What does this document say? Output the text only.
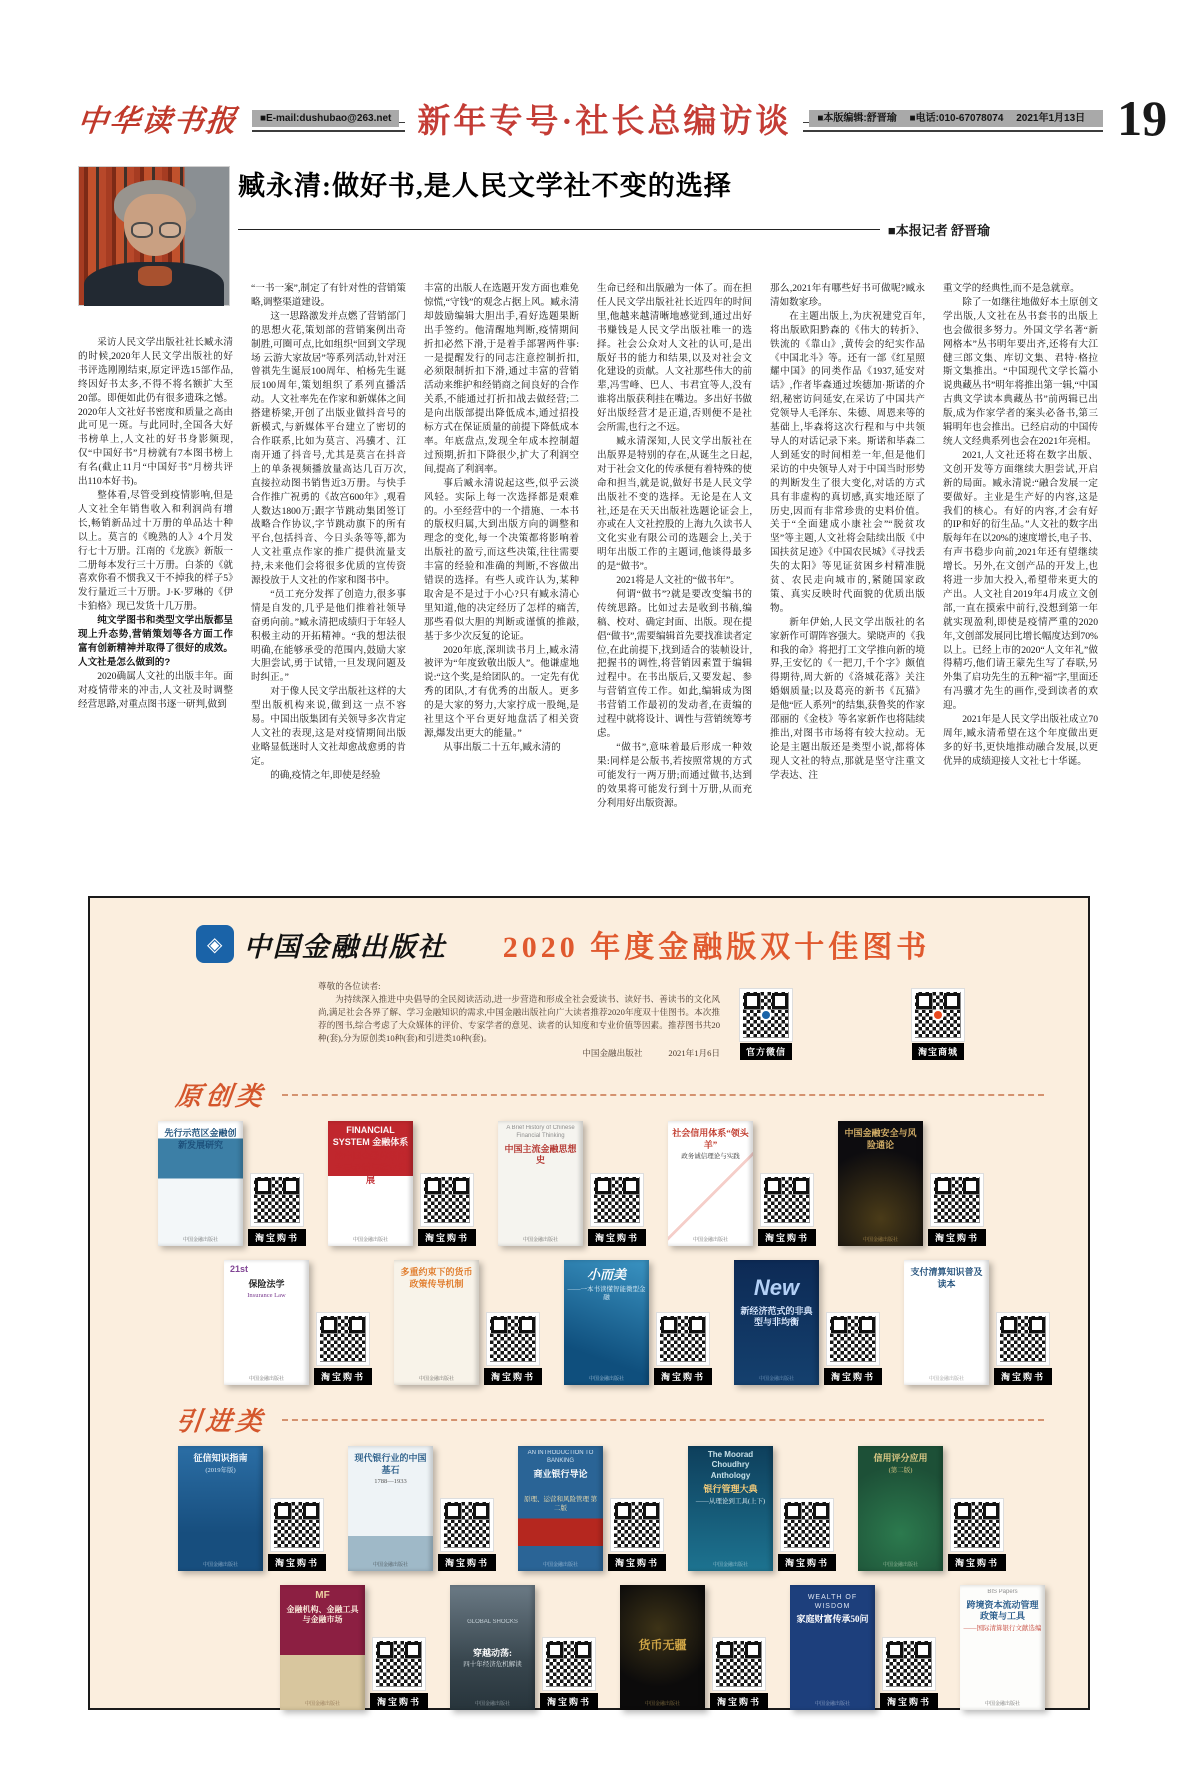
中华读书报	■E-mail:dushubao@263.net 新年专号·社长总编访谈	■本版编辑:舒晋瑜 ■电话:010-67078074 2021年1月13日 19
臧永清:做好书,是人民文学社不变的选择
■本报记者 舒晋瑜

采访人民文学出版社社长臧永清的时候,2020年人民文学出版社的好书评选刚刚结束,原定评选15部作品,终因好书太多,不得不将名额扩大至20部。即便如此仍有很多遗珠之憾。2020年人文社好书密度和质量之高由此可见一斑。与此同时,全国各大好书榜单上,人文社的好书身影频现,仅“中国好书”月榜就有7本图书榜上有名(截止11月“中国好书”月榜共评出110本好书)。

整体看,尽管受到疫情影响,但是人文社全年销售收入和利润尚有增长,畅销新品过十万册的单品达十种以上。莫言的《晚熟的人》4个月发行七十万册。江南的《龙族》新版一二册每本发行三十万册。白茶的《就喜欢你看不惯我又干不掉我的样子5》发行量近三十万册。J·K·罗琳的《伊卡狛格》现已发货十几万册。

纯文学图书和类型文学出版都呈现上升态势,营销策划等各方面工作富有创新精神并取得了很好的成效。人文社是怎么做到的?

2020确属人文社的出版丰年。面对疫情带来的冲击,人文社及时调整经营思路,对重点图书逐一研判,做到

“一书一案”,制定了有针对性的营销策略,调整渠道建设。

这一思路激发并点燃了营销部门的思想火花,策划部的营销案例出奇制胜,可圈可点,比如组织“回到文学现场 云游大家故居”等系列活动,针对汪曾祺先生诞辰100周年、柏杨先生诞辰100周年,策划组织了系列直播活动。人文社率先在作家和新媒体之间搭建桥梁,开创了出版业做抖音号的新模式,与新媒体平台建立了密切的合作联系,比如为莫言、冯骥才、江南开通了抖音号,尤其是莫言在抖音上的单条视频播放量高达几百万次,直接拉动图书销售近3万册。与快手合作推广祝勇的《故宫600年》,观看人数达1800万;跟字节跳动集团签订战略合作协议,字节跳动旗下的所有平台,包括抖音、今日头条等等,都为人文社重点作家的推广提供流量支持,未来他们会将很多优质的宣传资源投放于人文社的作家和图书中。

“员工充分发挥了创造力,很多事情是自发的,几乎是他们推着社领导奋勇向前。”臧永清把成绩归于年轻人积极主动的开拓精神。“我的想法很明确,在能够承受的范围内,鼓励大家大胆尝试,勇于试错,一旦发现问题及时纠正。”

对于像人民文学出版社这样的大型出版机构来说,做到这一点不容易。中国出版集团有关领导多次肯定人文社的表现,这是对疫情期间出版业略显低迷时人文社却愈战愈勇的肯定。

的确,疫情之年,即使是经验

丰富的出版人在选题开发方面也难免惊慌,“守钱”的观念占据上风。臧永清却鼓励编辑大胆出手,看好选题果断出手签约。他清醒地判断,疫情期间折扣必然下滑,于是着手部署两件事:一是提醒发行的同志注意控制折扣,必须限制折扣下滑,通过丰富的营销活动来维护和经销商之间良好的合作关系,不能通过打折扣战去做经营;二是向出版部提出降低成本,通过招投标方式在保证质量的前提下降低成本率。年底盘点,发现全年成本控制超过预期,折扣下降很少,扩大了利润空间,提高了利润率。

事后臧永清说起这些,似乎云淡风轻。实际上每一次选择都是艰难的。小至经营中的一个措施、一本书的版权归属,大到出版方向的调整和理念的变化,每一个决策都将影响着出版社的盈亏,而这些决策,往往需要丰富的经验和准确的判断,不容做出错误的选择。有些人或许认为,某种取舍是不是过于小心?只有臧永清心里知道,他的决定经历了怎样的痛苦,那些看似大胆的判断或谨慎的推敲,基于多少次反复的论证。

2020年底,深圳读书月上,臧永清被评为“年度致敬出版人”。他谦虚地说:“这个奖,是给团队的。一定先有优秀的团队,才有优秀的出版人。更多的是大家的努力,大家拧成一股绳,是社里这个平台更好地盘活了相关资源,爆发出更大的能量。”

从事出版二十五年,臧永清的

生命已经和出版融为一体了。而在担任人民文学出版社社长近四年的时间里,他越来越清晰地感觉到,通过出好书赚钱是人民文学出版社唯一的选择。社会公众对人文社的认可,是出版好书的能力和结果,以及对社会文化建设的贡献。人文社那些伟大的前辈,冯雪峰、巴人、韦君宜等人,没有谁将出版获利挂在嘴边。多出好书做好出版经营才是正道,否则便不是社会所需,也行之不远。

臧永清深知,人民文学出版社在出版界是特别的存在,从诞生之日起,对于社会文化的传承便有着特殊的使命和担当,就是说,做好书是人民文学出版社不变的选择。无论是在人文社,还是在天天出版社选题论证会上,亦或在人文社控股的上海九久读书人文化实业有限公司的选题会上,关于明年出版工作的主题词,他谈得最多的是“做书”。

2021将是人文社的“做书年”。

何谓“做书”?就是要改变编书的传统思路。比如过去是收到书稿,编稿、校对、确定封面、出版。现在提倡“做书”,需要编辑首先要找准读者定位,在此前提下,找到适合的装帧设计,把握书的调性,将营销因素置于编辑过程中。在书出版后,又要发起、参与营销宣传工作。如此,编辑成为图书营销工作最初的发动者,在责编的过程中就将设计、调性与营销统筹考虑。

“做书”,意味着最后形成一种效果:同样是公版书,若按照常规的方式可能发行一两万册;而通过做书,达到的效果将可能发行到十万册,从而充分利用好出版资源。

那么,2021年有哪些好书可做呢?臧永清如数家珍。

在主题出版上,为庆祝建党百年,将出版欧阳黔森的《伟大的转折》、铁流的《靠山》,黄传会的纪实作品《中国北斗》等。还有一部《红星照耀中国》的同类作品《1937,延安对话》,作者毕森通过埃德加·斯诺的介绍,秘密访问延安,在采访了中国共产党领导人毛泽东、朱德、周恩来等的基础上,毕森将这次行程和与中共领导人的对话记录下来。斯诺和毕森二人到延安的时间相差一年,但是他们采访的中央领导人对于中国当时形势的判断发生了很大变化,对话的方式具有非虚构的真切感,真实地还原了历史,因而有非常珍贵的史料价值。关于“全面建成小康社会”“脱贫攻坚”等主题,人文社将会陆续出版《中国扶贫足迹》《中国农民城》《寻找丢失的太阳》等见证贫困乡村精准脱贫、农民走向城市的,紧随国家政策、真实反映时代面貌的优质出版物。

新年伊始,人民文学出版社的名家新作可谓阵容强大。梁晓声的《我和我的命》将把打工文学推向新的境界,王安忆的《一把刀,千个字》颇值得期待,周大新的《洛城花落》关注婚姻质量;以及葛亮的新书《瓦猫》是他“匠人系列”的结集,获鲁奖的作家邵丽的《金枝》等名家新作也将陆续推出,对图书市场将有较大拉动。无论是主题出版还是类型小说,都将体现人文社的特点,那就是坚守注重文学表达、注

重文学的经典性,而不是急就章。

除了一如继往地做好本土原创文学出版,人文社在丛书套书的出版上也会做很多努力。外国文学名著“新网格本”丛书明年要出齐,还将有大江健三郎文集、库切文集、君特·格拉斯文集推出。“中国现代文学长篇小说典藏丛书”明年将推出第一辑,“中国古典文学读本典藏丛书”前两辑已出版,成为作家学者的案头必备书,第三辑明年也会推出。已经启动的中国传统人文经典系列也会在2021年亮相。

2021,人文社还将在数字出版、文创开发等方面继续大胆尝试,开启新的局面。臧永清说:“融合发展一定要做好。主业是生产好的内容,这是我们的核心。有好的内容,才会有好的IP和好的衍生品。”人文社的数字出版每年在以20%的速度增长,电子书、有声书稳步向前,2021年还有望继续增长。另外,在文创产品的开发上,也将进一步加大投入,希望带来更大的产出。人文社自2019年4月成立文创部,一直在摸索中前行,没想到第一年就实现盈利,即使是疫情严重的2020年,文创部发展同比增长幅度达到70%以上。已经上市的2020“人文年礼”做得精巧,他们请王蒙先生写了春联,另外集了启功先生的五种“福”字,里面还有冯骥才先生的画作,受到读者的欢迎。

2021年是人民文学出版社成立70周年,臧永清希望在这个年度做出更多的好书,更快地推动融合发展,以更优异的成绩迎接人文社七十华诞。

◈ 中国金融出版社 2020 年度金融版双十佳图书

尊敬的各位读者:

为持续深入推进中央倡导的全民阅读活动,进一步营造和形成全社会爱读书、读好书、善读书的文化风尚,满足社会各界了解、学习金融知识的需求,中国金融出版社向广大读者推荐2020年度双十佳图书。本次推荐的图书,综合考虑了大众媒体的评价、专家学者的意见、读者的认知度和专业价值等因素。推荐图书共20种(套),分为原创类10种(套)和引进类10种(套)。

中国金融出版社	2021年1月6日	官方微信	淘宝商城
原创类
先行示范区金融创新发展研究
中国金融出版社	淘宝购书
FINANCIAL SYSTEM 金融体系
论中国金融体系的主要矛盾与稳定发展
中国金融出版社	淘宝购书
A Brief History of Chinese Financial Thinking
中国主流金融思想史
中国金融出版社	淘宝购书
社会信用体系“领头羊”
政务诚信理论与实践
中国金融出版社	淘宝购书
中国金融安全与风险通论
中国金融出版社	淘宝购书
21st
保险法学
Insurance Law
中国金融出版社	淘宝购书
多重约束下的货币政策传导机制
中国金融出版社	淘宝购书
小而美
——一本书读懂智能微型金融
中国金融出版社	淘宝购书
New
新经济范式的非典型与非均衡
中国金融出版社	淘宝购书
支付清算知识普及读本
中国金融出版社	淘宝购书
引进类
征信知识指南
(2019年版)
中国金融出版社	淘宝购书
现代银行业的中国基石
1788—1933
中国金融出版社	淘宝购书
AN INTRODUCTION TO BANKING
商业银行导论
原理、运营和风险管理 第二版
中国金融出版社	淘宝购书
The Moorad Choudhry Anthology
银行管理大典
——从理论到工具(上下)
中国金融出版社	淘宝购书
信用评分应用
(第二版)
中国金融出版社	淘宝购书
MF
金融机构、金融工具与金融市场
中国金融出版社	淘宝购书
GLOBAL SHOCKS
穿越动荡:
四十年经济危机解读
中国金融出版社	淘宝购书
货币无疆
中国金融出版社	淘宝购书
WEALTH OF WISDOM
家庭财富传承50问
中国金融出版社	淘宝购书
BIS Papers
跨境资本流动管理政策与工具
——国际清算银行文献选编
中国金融出版社
